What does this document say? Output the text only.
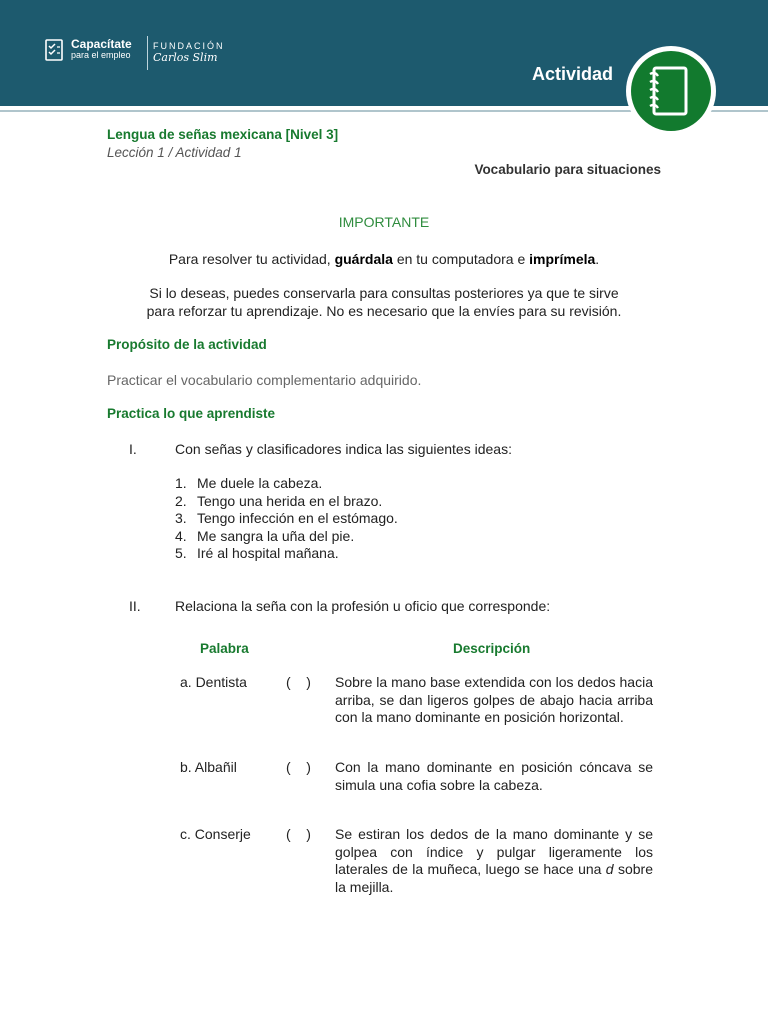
Capacítate
para el empleo
FUNDACIÓN
Carlos Slim
Actividad
Lengua de señas mexicana [Nivel 3]
Lección 1 / Actividad 1
Vocabulario para situaciones
IMPORTANTE
Para resolver tu actividad, guárdala en tu computadora e imprímela.
Si lo deseas, puedes conservarla para consultas posteriores ya que te sirve
para reforzar tu aprendizaje. No es necesario que la envíes para su revisión.
Propósito de la actividad
Practicar el vocabulario complementario adquirido.
Practica lo que aprendiste
I.	Con señas y clasificadores indica las siguientes ideas:
1. Me duele la cabeza.
2. Tengo una herida en el brazo.
3. Tengo infección en el estómago.
4. Me sangra la uña del pie.
5. Iré al hospital mañana.
II. Relaciona la seña con la profesión u oficio que corresponde:
Palabra	Descripción
a. Dentista	(    ) Sobre la mano base extendida con los dedos hacia arriba, se dan ligeros golpes de abajo hacia arriba con la mano dominante en posición horizontal.
b. Albañil	(    ) Con la mano dominante en posición cóncava se simula una cofia sobre la cabeza.
c. Conserje	(    ) Se estiran los dedos de la mano dominante y se golpea con índice y pulgar ligeramente los laterales de la muñeca, luego se hace una d sobre la mejilla.
